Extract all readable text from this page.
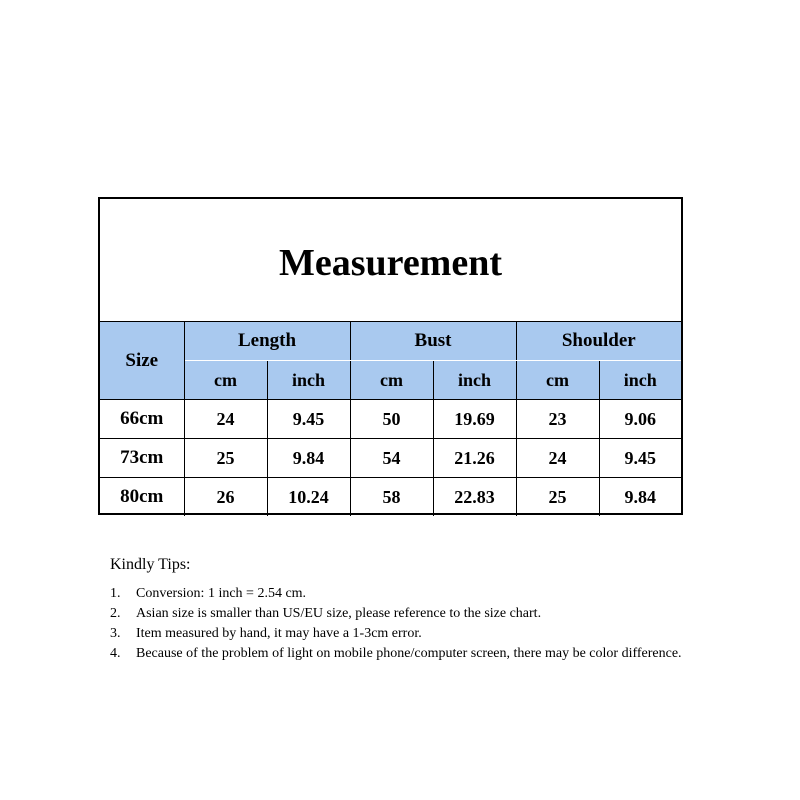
Measurement
Size	Length		Bust		Shoulder	
	cm	inch	cm	inch	cm	inch
66cm	24	9.45	50	19.69	23	9.06
73cm	25	9.84	54	21.26	24	9.45
80cm	26	10.24	58	22.83	25	9.84

Kindly Tips:

1. Conversion: 1 inch = 2.54 cm.
2. Asian size is smaller than US/EU size, please reference to the size chart.
3. Item measured by hand, it may have a 1-3cm error.
4. Because of the problem of light on mobile phone/computer screen, there may be color difference.
